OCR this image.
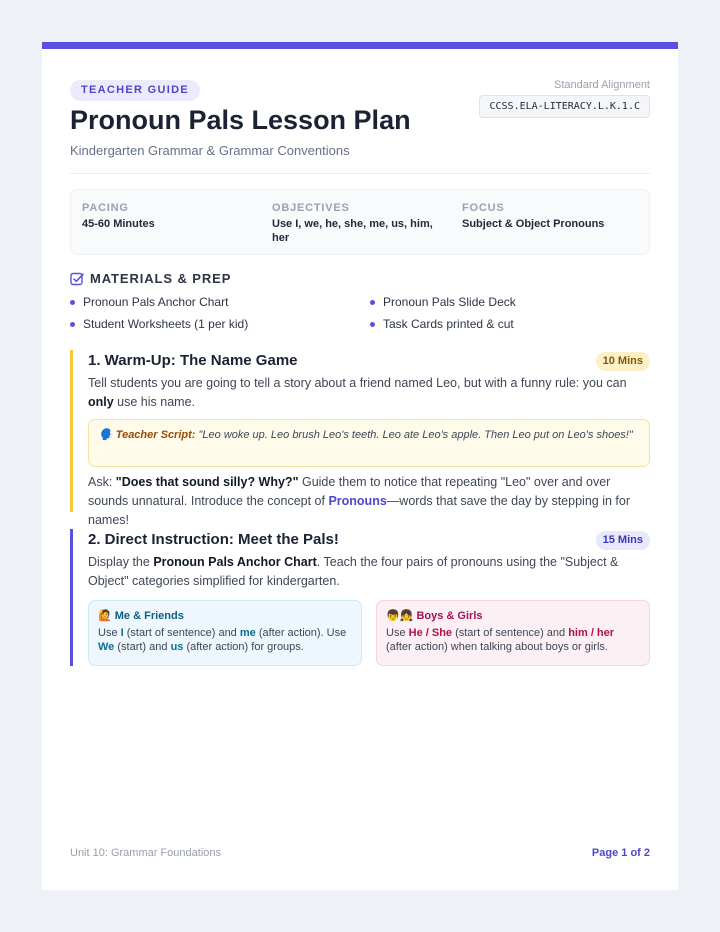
TEACHER GUIDE
Pronoun Pals Lesson Plan
Kindergarten Grammar & Grammar Conventions
Standard Alignment
CCSS.ELA-LITERACY.L.K.1.C
PACING
45-60 Minutes
OBJECTIVES
Use I, we, he, she, me, us, him, her
FOCUS
Subject & Object Pronouns
MATERIALS & PREP
Pronoun Pals Anchor Chart	Pronoun Pals Slide Deck
Student Worksheets (1 per kid)	Task Cards printed & cut
1. Warm-Up: The Name Game	10 Mins
Tell students you are going to tell a story about a friend named Leo, but with a funny rule: you can only use his name.
🗣️ Teacher Script: "Leo woke up. Leo brush Leo's teeth. Leo ate Leo's apple. Then Leo put on Leo's shoes!"
Ask: "Does that sound silly? Why?" Guide them to notice that repeating "Leo" over and over sounds unnatural. Introduce the concept of Pronouns—words that save the day by stepping in for names!
2. Direct Instruction: Meet the Pals!	15 Mins
Display the Pronoun Pals Anchor Chart. Teach the four pairs of pronouns using the "Subject & Object" categories simplified for kindergarten.
🙋 Me & Friends
Use I (start of sentence) and me (after action). Use We (start) and us (after action) for groups.
👦👧 Boys & Girls
Use He / She (start of sentence) and him / her (after action) when talking about boys or girls.
Unit 10: Grammar Foundations	Page 1 of 2
